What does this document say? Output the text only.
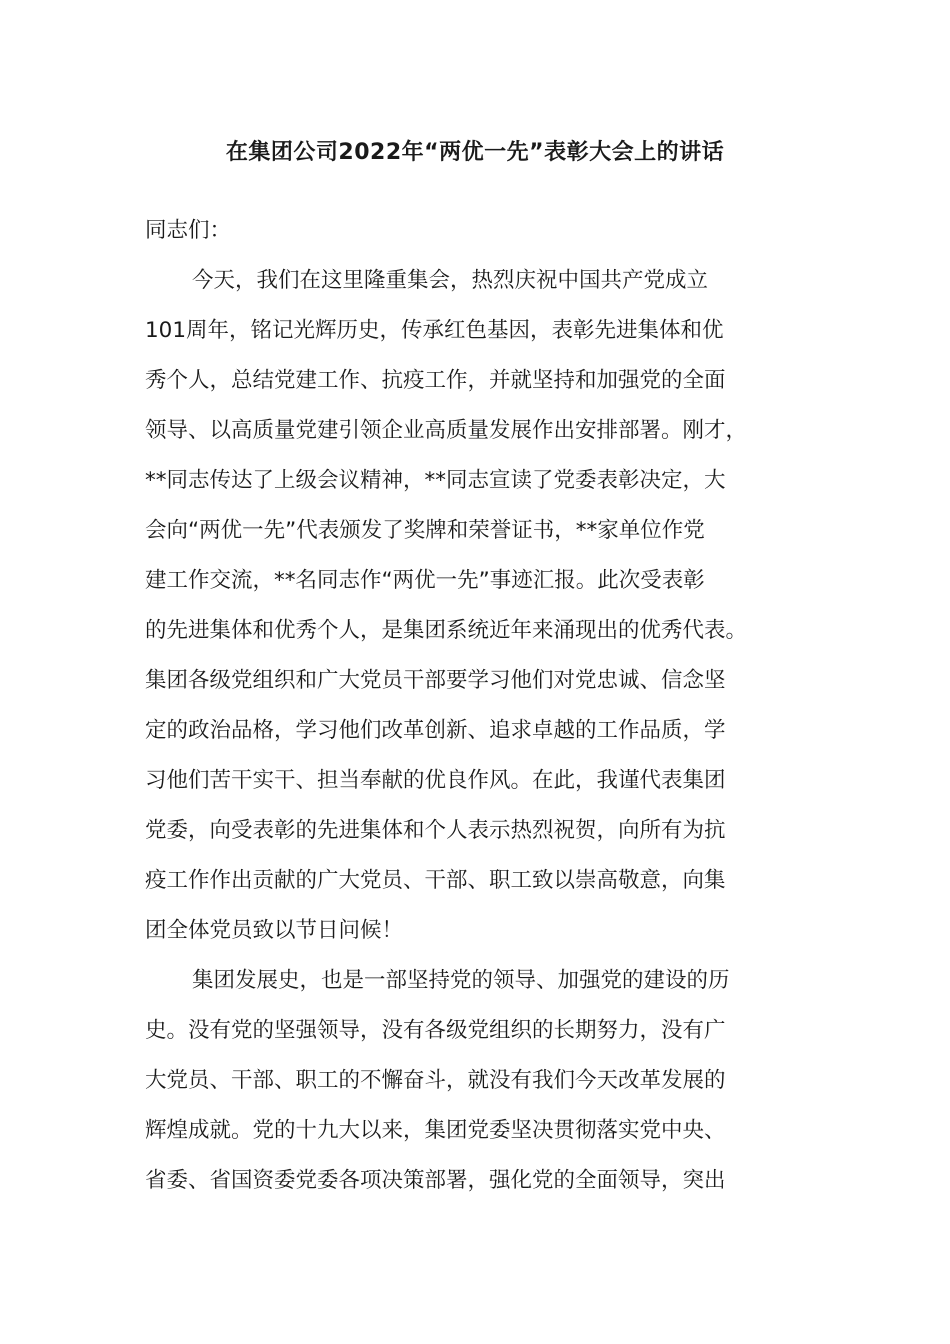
在集团公司2022年“两优一先”表彰大会上的讲话
同志们：
今天，我们在这里隆重集会，热烈庆祝中国共产党成立
101周年，铭记光辉历史，传承红色基因，表彰先进集体和优
秀个人，总结党建工作、抗疫工作，并就坚持和加强党的全面
领导、以高质量党建引领企业高质量发展作出安排部署。刚才，
**同志传达了上级会议精神，**同志宣读了党委表彰决定，大
会向“两优一先”代表颁发了奖牌和荣誉证书，**家单位作党
建工作交流，**名同志作“两优一先”事迹汇报。此次受表彰
的先进集体和优秀个人，是集团系统近年来涌现出的优秀代表。
集团各级党组织和广大党员干部要学习他们对党忠诚、信念坚
定的政治品格，学习他们改革创新、追求卓越的工作品质，学
习他们苦干实干、担当奉献的优良作风。在此，我谨代表集团
党委，向受表彰的先进集体和个人表示热烈祝贺，向所有为抗
疫工作作出贡献的广大党员、干部、职工致以崇高敬意，向集
团全体党员致以节日问候！
集团发展史，也是一部坚持党的领导、加强党的建设的历
史。没有党的坚强领导，没有各级党组织的长期努力，没有广
大党员、干部、职工的不懈奋斗，就没有我们今天改革发展的
辉煌成就。党的十九大以来，集团党委坚决贯彻落实党中央、
省委、省国资委党委各项决策部署，强化党的全面领导，突出
